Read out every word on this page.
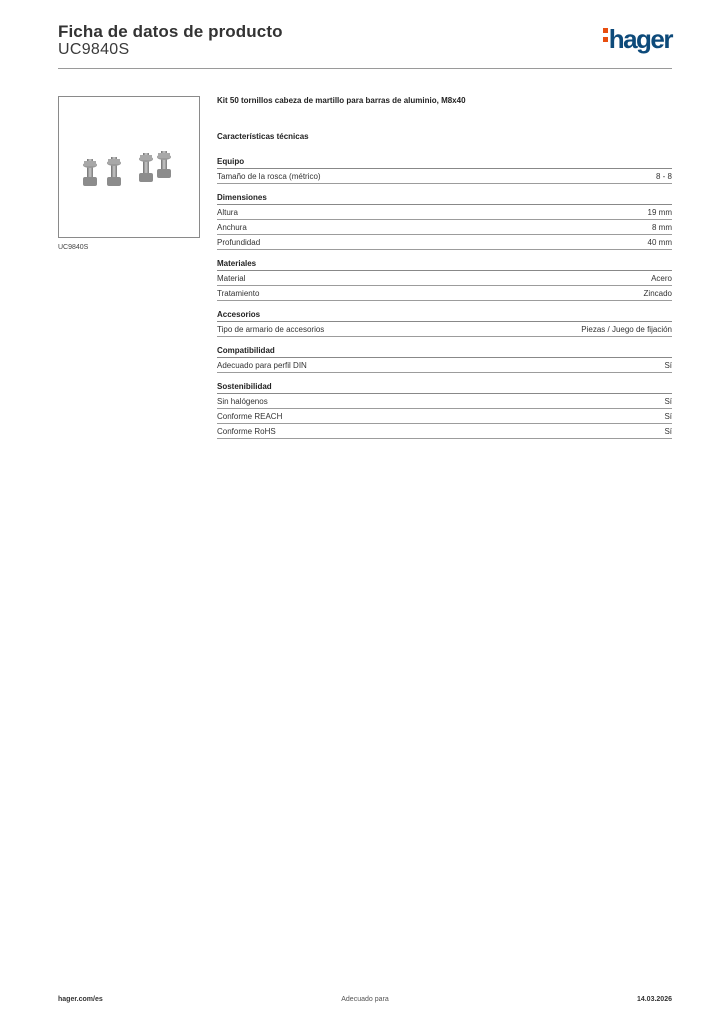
Ficha de datos de producto
UC9840S	hager
UC9840S
Kit 50 tornillos cabeza de martillo para barras de aluminio, M8x40
Características técnicas
Equipo
Tamaño de la rosca (métrico)	8 - 8
Dimensiones
Altura	19 mm
Anchura	8 mm
Profundidad	40 mm
Materiales
Material	Acero
Tratamiento	Zincado
Accesorios
Tipo de armario de accesorios	Piezas / Juego de fijación
Compatibilidad
Adecuado para perfil DIN	Sí
Sostenibilidad
Sin halógenos	Sí
Conforme REACH	Sí
Conforme RoHS	Sí
hager.com/es	Adecuado para	14.03.2026
